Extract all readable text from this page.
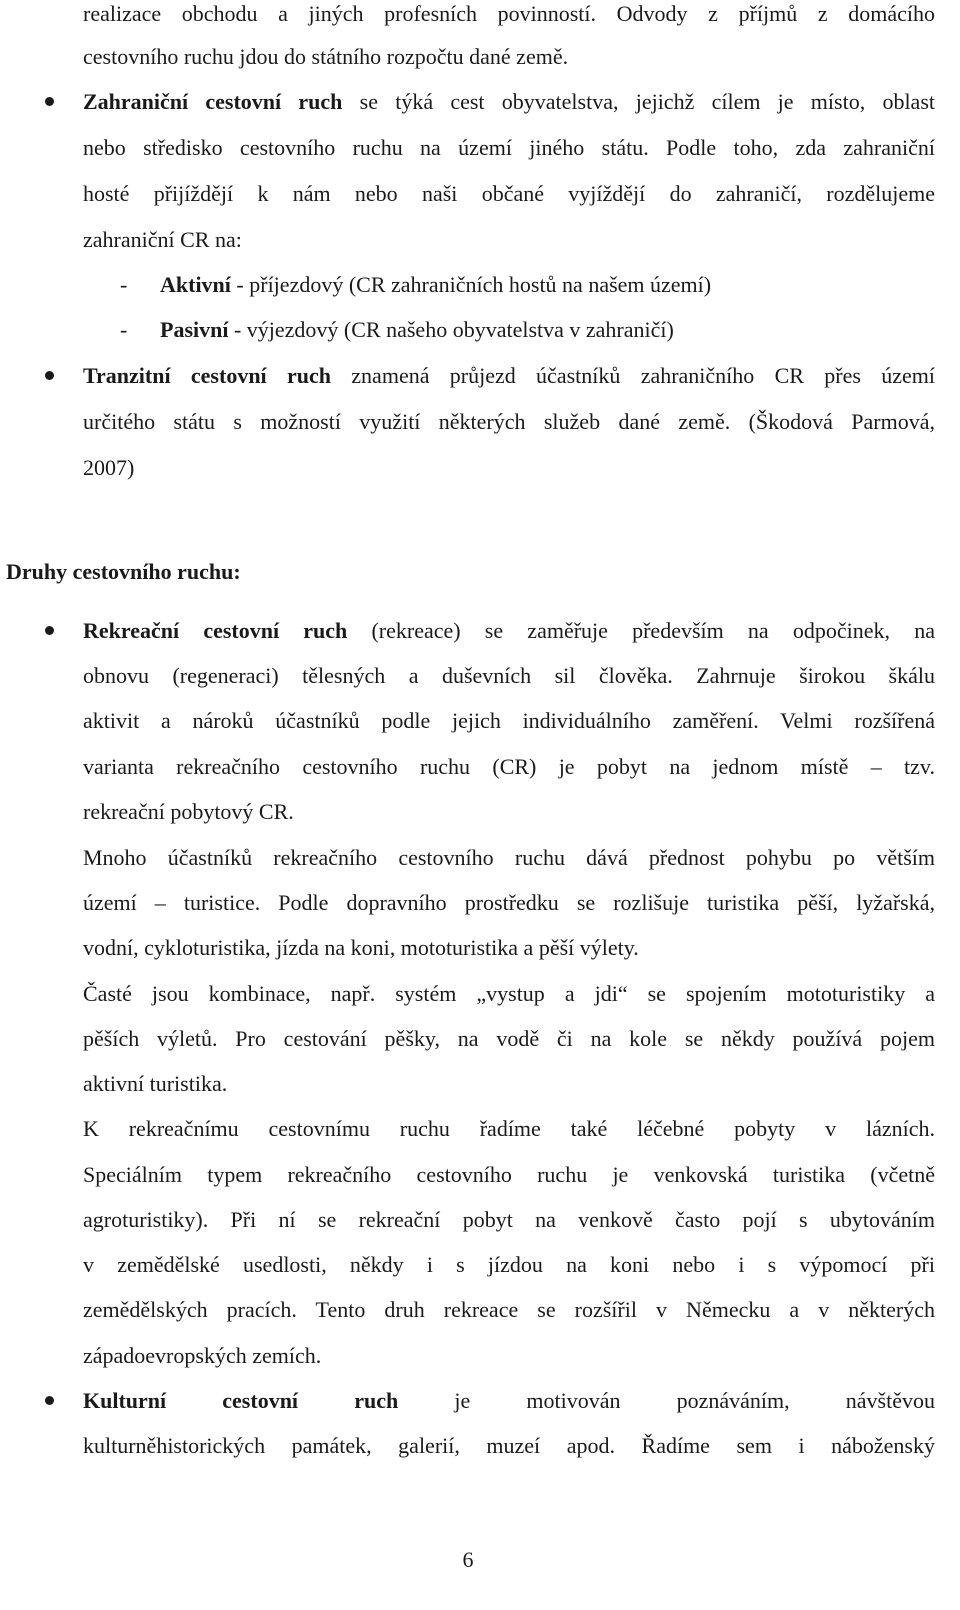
realizace obchodu a jiných profesních povinností. Odvody z příjmů z domácího
cestovního ruchu jdou do státního rozpočtu dané země.
Zahraniční cestovní ruch se týká cest obyvatelstva, jejichž cílem je místo, oblast
nebo středisko cestovního ruchu na území jiného státu. Podle toho, zda zahraniční
hosté přijíždějí k nám nebo naši občané vyjíždějí do zahraničí, rozdělujeme
zahraniční CR na:
- Aktivní - příjezdový (CR zahraničních hostů na našem území)
- Pasivní - výjezdový (CR našeho obyvatelstva v zahraničí)
Tranzitní cestovní ruch znamená průjezd účastníků zahraničního CR přes území
určitého státu s možností využití některých služeb dané země. (Škodová Parmová,
2007)
Druhy cestovního ruchu:
Rekreační cestovní ruch (rekreace) se zaměřuje především na odpočinek, na
obnovu (regeneraci) tělesných a duševních sil člověka. Zahrnuje širokou škálu
aktivit a nároků účastníků podle jejich individuálního zaměření. Velmi rozšířená
varianta rekreačního cestovního ruchu (CR) je pobyt na jednom místě – tzv.
rekreační pobytový CR.
Mnoho účastníků rekreačního cestovního ruchu dává přednost pohybu po větším
území – turistice. Podle dopravního prostředku se rozlišuje turistika pěší, lyžařská,
vodní, cykloturistika, jízda na koni, mototuristika a pěší výlety.
Časté jsou kombinace, např. systém „vystup a jdi“ se spojením mototuristiky a
pěších výletů. Pro cestování pěšky, na vodě či na kole se někdy používá pojem
aktivní turistika.
K rekreačnímu cestovnímu ruchu řadíme také léčebné pobyty v lázních.
Speciálním typem rekreačního cestovního ruchu je venkovská turistika (včetně
agroturistiky). Při ní se rekreační pobyt na venkově často pojí s ubytováním
v zemědělské usedlosti, někdy i s jízdou na koni nebo i s výpomocí při
zemědělských pracích. Tento druh rekreace se rozšířil v Německu a v některých
západoevropských zemích.
Kulturní cestovní ruch je motivován poznáváním, návštěvou
kulturněhistorických památek, galerií, muzeí apod. Řadíme sem i náboženský
6
